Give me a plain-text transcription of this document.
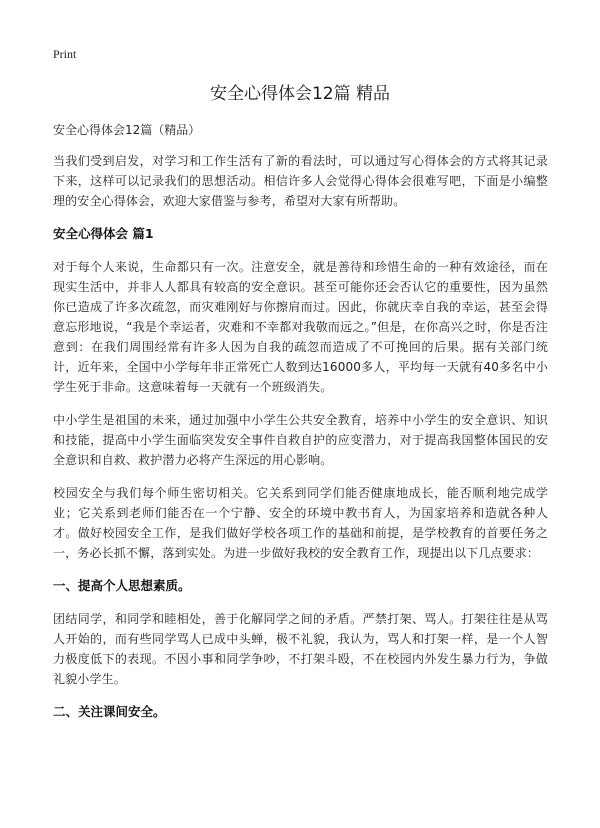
Print
安全心得体会12篇 精品
安全心得体会12篇（精品）

当我们受到启发，对学习和工作生活有了新的看法时，可以通过写心得体会的方式将其记录下来，这样可以记录我们的思想活动。相信许多人会觉得心得体会很难写吧，下面是小编整理的安全心得体会，欢迎大家借鉴与参考，希望对大家有所帮助。

安全心得体会 篇1

对于每个人来说，生命都只有一次。注意安全，就是善待和珍惜生命的一种有效途径，而在现实生活中，并非人人都具有较高的安全意识。甚至可能你还会否认它的重要性，因为虽然你已造成了许多次疏忽，而灾难刚好与你擦肩而过。因此，你就庆幸自我的幸运，甚至会得意忘形地说，“我是个幸运者，灾难和不幸都对我敬而远之。”但是，在你高兴之时，你是否注意到：在我们周围经常有许多人因为自我的疏忽而造成了不可挽回的后果。据有关部门统计，近年来，全国中小学每年非正常死亡人数到达16000多人，平均每一天就有40多名中小学生死于非命。这意味着每一天就有一个班级消失。

中小学生是祖国的未来，通过加强中小学生公共安全教育，培养中小学生的安全意识、知识和技能，提高中小学生面临突发安全事件自救自护的应变潜力，对于提高我国整体国民的安全意识和自救、救护潜力必将产生深远的用心影响。

校园安全与我们每个师生密切相关。它关系到同学们能否健康地成长，能否顺利地完成学业；它关系到老师们能否在一个宁静、安全的环境中教书育人，为国家培养和造就各种人才。做好校园安全工作，是我们做好学校各项工作的基础和前提，是学校教育的首要任务之一，务必长抓不懈，落到实处。为进一步做好我校的安全教育工作，现提出以下几点要求：

一、提高个人思想素质。

团结同学，和同学和睦相处，善于化解同学之间的矛盾。严禁打架、骂人。打架往往是从骂人开始的，而有些同学骂人已成中头蝉，极不礼貌，我认为，骂人和打架一样，是一个人智力极度低下的表现。不因小事和同学争吵，不打架斗殴，不在校园内外发生暴力行为，争做礼貌小学生。

二、关注课间安全。
